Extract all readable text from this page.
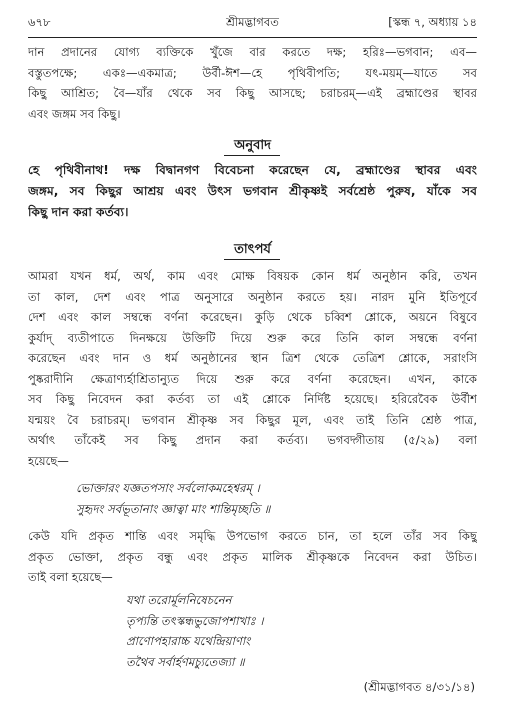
৬৭৮	শ্রীমদ্ভাগবত	[স্কন্ধ ৭, অধ্যায় ১৪
দান প্রদানের যোগ্য ব্যক্তিকে খুঁজে বার করতে দক্ষ; হরিঃ—ভগবান; এব—
বস্তুতপক্ষে; একঃ—একমাত্র; উর্বী-ঈশ—হে পৃথিবীপতি; যৎ-ময়ম্—যাতে সব
কিছু আশ্রিত; বৈ—যাঁর থেকে সব কিছু আসছে; চরাচরম্—এই ব্রহ্মাণ্ডের স্থাবর
এবং জঙ্গম সব কিছু।
অনুবাদ
হে পৃথিবীনাথ! দক্ষ বিদ্বানগণ বিবেচনা করেছেন যে, ব্রহ্মাণ্ডের স্থাবর এবং
জঙ্গম, সব কিছুর আশ্রয় এবং উৎস ভগবান শ্রীকৃষ্ণই সর্বশ্রেষ্ঠ পুরুষ, যাঁকে সব
কিছু দান করা কর্তব্য।
তাৎপর্য
আমরা যখন ধর্ম, অর্থ, কাম এবং মোক্ষ বিষয়ক কোন ধর্ম অনুষ্ঠান করি, তখন
তা কাল, দেশ এবং পাত্র অনুসারে অনুষ্ঠান করতে হয়। নারদ মুনি ইতিপূর্বে
দেশ এবং কাল সম্বন্ধে বর্ণনা করেছেন। কুড়ি থেকে চব্বিশ শ্লোকে, অয়নে বিষুবে
কুর্যাদ্ ব্যতীপাতে দিনক্ষয়ে উক্তিটি দিয়ে শুরু করে তিনি কাল সম্বন্ধে বর্ণনা
করেছেন এবং দান ও ধর্ম অনুষ্ঠানের স্থান ত্রিশ থেকে তেত্রিশ শ্লোকে, সরাংসি
পুষ্করাদীনি ক্ষেত্রাণ্যর্হাশ্রিতান্যুত দিয়ে শুরু করে বর্ণনা করেছেন। এখন, কাকে
সব কিছু নিবেদন করা কর্তব্য তা এই শ্লোকে নির্দিষ্ট হয়েছে। হরিরেবৈক উর্বীশ
যন্ময়ং বৈ চরাচরম্। ভগবান শ্রীকৃষ্ণ সব কিছুর মূল, এবং তাই তিনি শ্রেষ্ঠ পাত্র,
অর্থাৎ তাঁকেই সব কিছু প্রদান করা কর্তব্য। ভগবদ্গীতায় (৫/২৯) বলা
হয়েছে—
ভোক্তারং যজ্ঞতপসাং সর্বলোকমহেশ্বরম্ ।
সুহৃদং সর্বভূতানাং জ্ঞাত্বা মাং শান্তিমৃচ্ছতি ॥
কেউ যদি প্রকৃত শান্তি এবং সমৃদ্ধি উপভোগ করতে চান, তা হলে তাঁর সব কিছু
প্রকৃত ভোক্তা, প্রকৃত বন্ধু এবং প্রকৃত মালিক শ্রীকৃষ্ণকে নিবেদন করা উচিত।
তাই বলা হয়েছে—
যথা তরোর্মূলনিষেচনেন
তৃপ্যন্তি তৎস্কন্ধভুজোপশাখাঃ ।
প্রাণোপহারাচ্চ যথেন্দ্রিয়াণাং
তথৈব সর্বার্হণমচ্যুতেজ্যা ॥
(শ্রীমদ্ভাগবত ৪/৩১/১৪)
